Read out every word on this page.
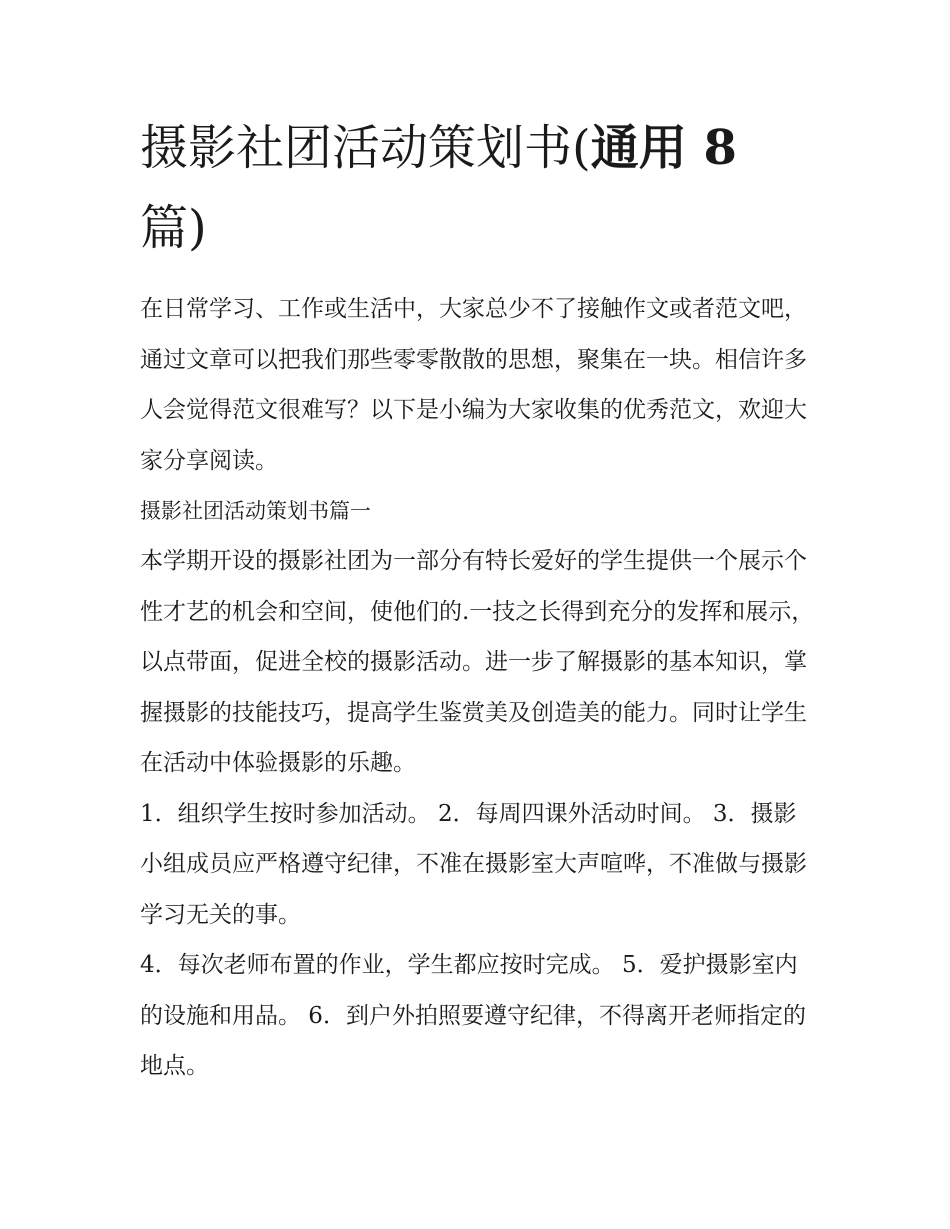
摄影社团活动策划书(通用 8
篇)

在日常学习、工作或生活中，大家总少不了接触作文或者范文吧，通过文章可以把我们那些零零散散的思想，聚集在一块。相信许多人会觉得范文很难写？以下是小编为大家收集的优秀范文，欢迎大家分享阅读。

摄影社团活动策划书篇一

本学期开设的摄影社团为一部分有特长爱好的学生提供一个展示个性才艺的机会和空间，使他们的.一技之长得到充分的发挥和展示，以点带面，促进全校的摄影活动。进一步了解摄影的基本知识，掌握摄影的技能技巧，提高学生鉴赏美及创造美的能力。同时让学生在活动中体验摄影的乐趣。

1．组织学生按时参加活动。 2．每周四课外活动时间。 3．摄影小组成员应严格遵守纪律，不准在摄影室大声喧哗，不准做与摄影学习无关的事。

4．每次老师布置的作业，学生都应按时完成。 5．爱护摄影室内的设施和用品。 6．到户外拍照要遵守纪律，不得离开老师指定的地点。
